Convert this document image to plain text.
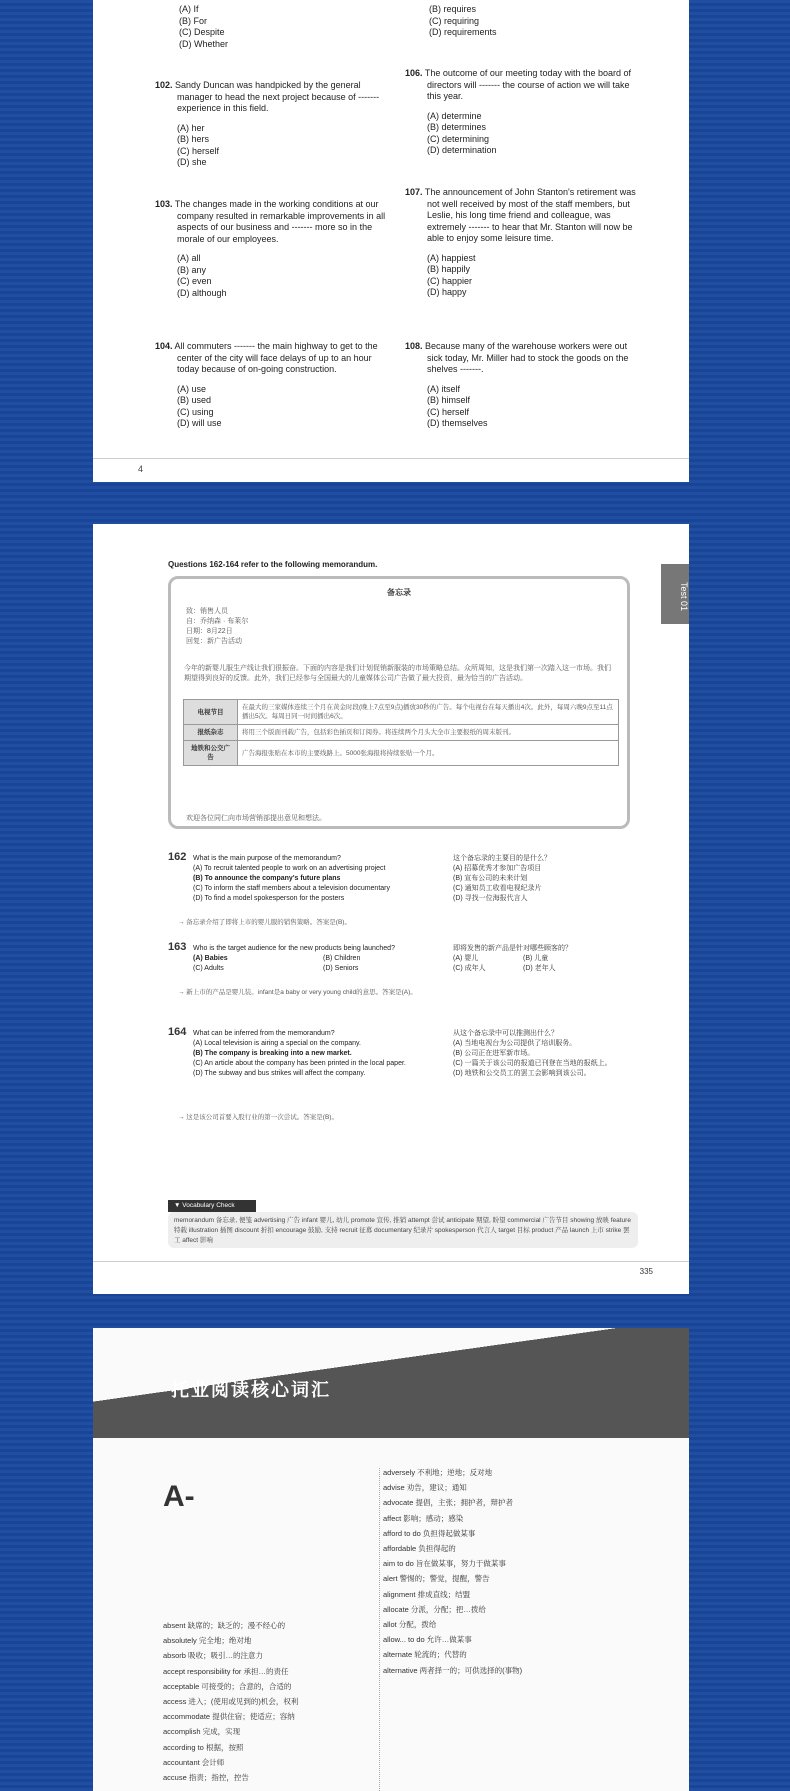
(A) If
(B) For
(C) Despite
(D) Whether
(B) requires
(C) requiring
(D) requirements
102. Sandy Duncan was handpicked by the general manager to head the next project because of ------- experience in this field.
(A) her
(B) hers
(C) herself
(D) she
103. The changes made in the working conditions at our company resulted in remarkable improvements in all aspects of our business and ------- more so in the morale of our employees.
(A) all
(B) any
(C) even
(D) although
104. All commuters ------- the main highway to get to the center of the city will face delays of up to an hour today because of on-going construction.
(A) use
(B) used
(C) using
(D) will use
106. The outcome of our meeting today with the board of directors will ------- the course of action we will take this year.
(A) determine
(B) determines
(C) determining
(D) determination
107. The announcement of John Stanton's retirement was not well received by most of the staff members, but Leslie, his long time friend and colleague, was extremely ------- to hear that Mr. Stanton will now be able to enjoy some leisure time.
(A) happiest
(B) happily
(C) happier
(D) happy
108. Because many of the warehouse workers were out sick today, Mr. Miller had to stock the goods on the shelves -------.
(A) itself
(B) himself
(C) herself
(D) themselves
4
Questions 162-164 refer to the following memorandum.
Test 01
备忘录
致：销售人员
自：乔纳森 · 布莱尔
日期：8月22日
回复：新广告活动
今年的新婴儿服生产线让我们很振奋。下面的内容是我们计划促销新服装的市场策略总结。众所周知，这是我们第一次踏入这一市场。我们期望得到良好的反馈。此外，我们已经参与全国最大的儿童媒体公司广告做了最大投资，最为恰当的广告活动。
电视节目	在最大的三家媒体连续三个月在黄金时段(晚上7点至9点)播放30秒的广告。每个电视台在每天播出4次。此外，每周六晚9点至11点播出5次。每周日同一时间播出6次。
报纸杂志	将用三个版面刊载广告，包括彩色插页和订阅券。将连续两个月头大全市主要报纸的周末版刊。
地铁和公交广告	广告海报张贴在本市的主要线路上。5000张海报将持续张贴一个月。
欢迎各位同仁向市场营销部提出意见和想法。
162 What is the main purpose of the memorandum?
(A) To recruit talented people to work on an advertising project
(B) To announce the company's future plans
(C) To inform the staff members about a television documentary
(D) To find a model spokesperson for the posters
这个备忘录的主要目的是什么？
(A) 招募优秀才参加广告项目
(B) 宣布公司的未来计划
(C) 通知员工收看电视纪录片
(D) 寻找一位海报代言人
→ 备忘录介绍了即将上市的婴儿服的销售策略。答案是(B)。
163 Who is the target audience for the new products being launched?
(A) Babies	(B) Children
(C) Adults	(D) Seniors
即将发售的新产品是针对哪些顾客的？
(A) 婴儿	(B) 儿童
(C) 成年人	(D) 老年人
→ 新上市的产品是婴儿装。infant是a baby or very young child的意思。答案是(A)。
164 What can be inferred from the memorandum?
(A) Local television is airing a special on the company.
(B) The company is breaking into a new market.
(C) An article about the company has been printed in the local paper.
(D) The subway and bus strikes will affect the company.
从这个备忘录中可以推测出什么？
(A) 当地电视台为公司提供了培训服务。
(B) 公司正在进军新市场。
(C) 一篇关于该公司的报道已刊登在当地的报纸上。
(D) 地铁和公交员工的罢工会影响到该公司。
→ 这是该公司首要入股行业的第一次尝试。答案是(B)。
▼ Vocabulary Check
memorandum 备忘录, 便笺 advertising 广告 infant 婴儿, 幼儿 promote 宣传, 推销 attempt 尝试 anticipate 期望, 盼望 commercial 广告节目 showing 放映 feature 特载 illustration 插图 discount 折扣 encourage 鼓励, 支持 recruit 征募 documentary 纪录片 spokesperson 代言人 target 目标 product 产品 launch 上市 strike 罢工 affect 影响
335
托业阅读核心词汇
A-
absent 缺席的；缺乏的；漫不经心的
absolutely 完全地；绝对地
absorb 吸收；吸引…的注意力
accept responsibility for 承担…的责任
acceptable 可接受的；合意的，合适的
access 进入；(使用或见到的)机会，权利
accommodate 提供住宿；使适应；容纳
accomplish 完成，实现
according to 根据，按照
accountant 会计师
accuse 指责；指控，控告
adversely 不利地；逆地；反对地
advise 劝告，建议；通知
advocate 提倡，主张；拥护者，辩护者
affect 影响；感动；感染
afford to do 负担得起做某事
affordable 负担得起的
aim to do 旨在做某事，努力于做某事
alert 警惕的；警觉，提醒，警告
alignment 排成直线；结盟
allocate 分派，分配；把…拨给
allot 分配，拨给
allow... to do 允许…做某事
alternate 轮流的；代替的
alternative 两者择一的；可供选择的(事物)
